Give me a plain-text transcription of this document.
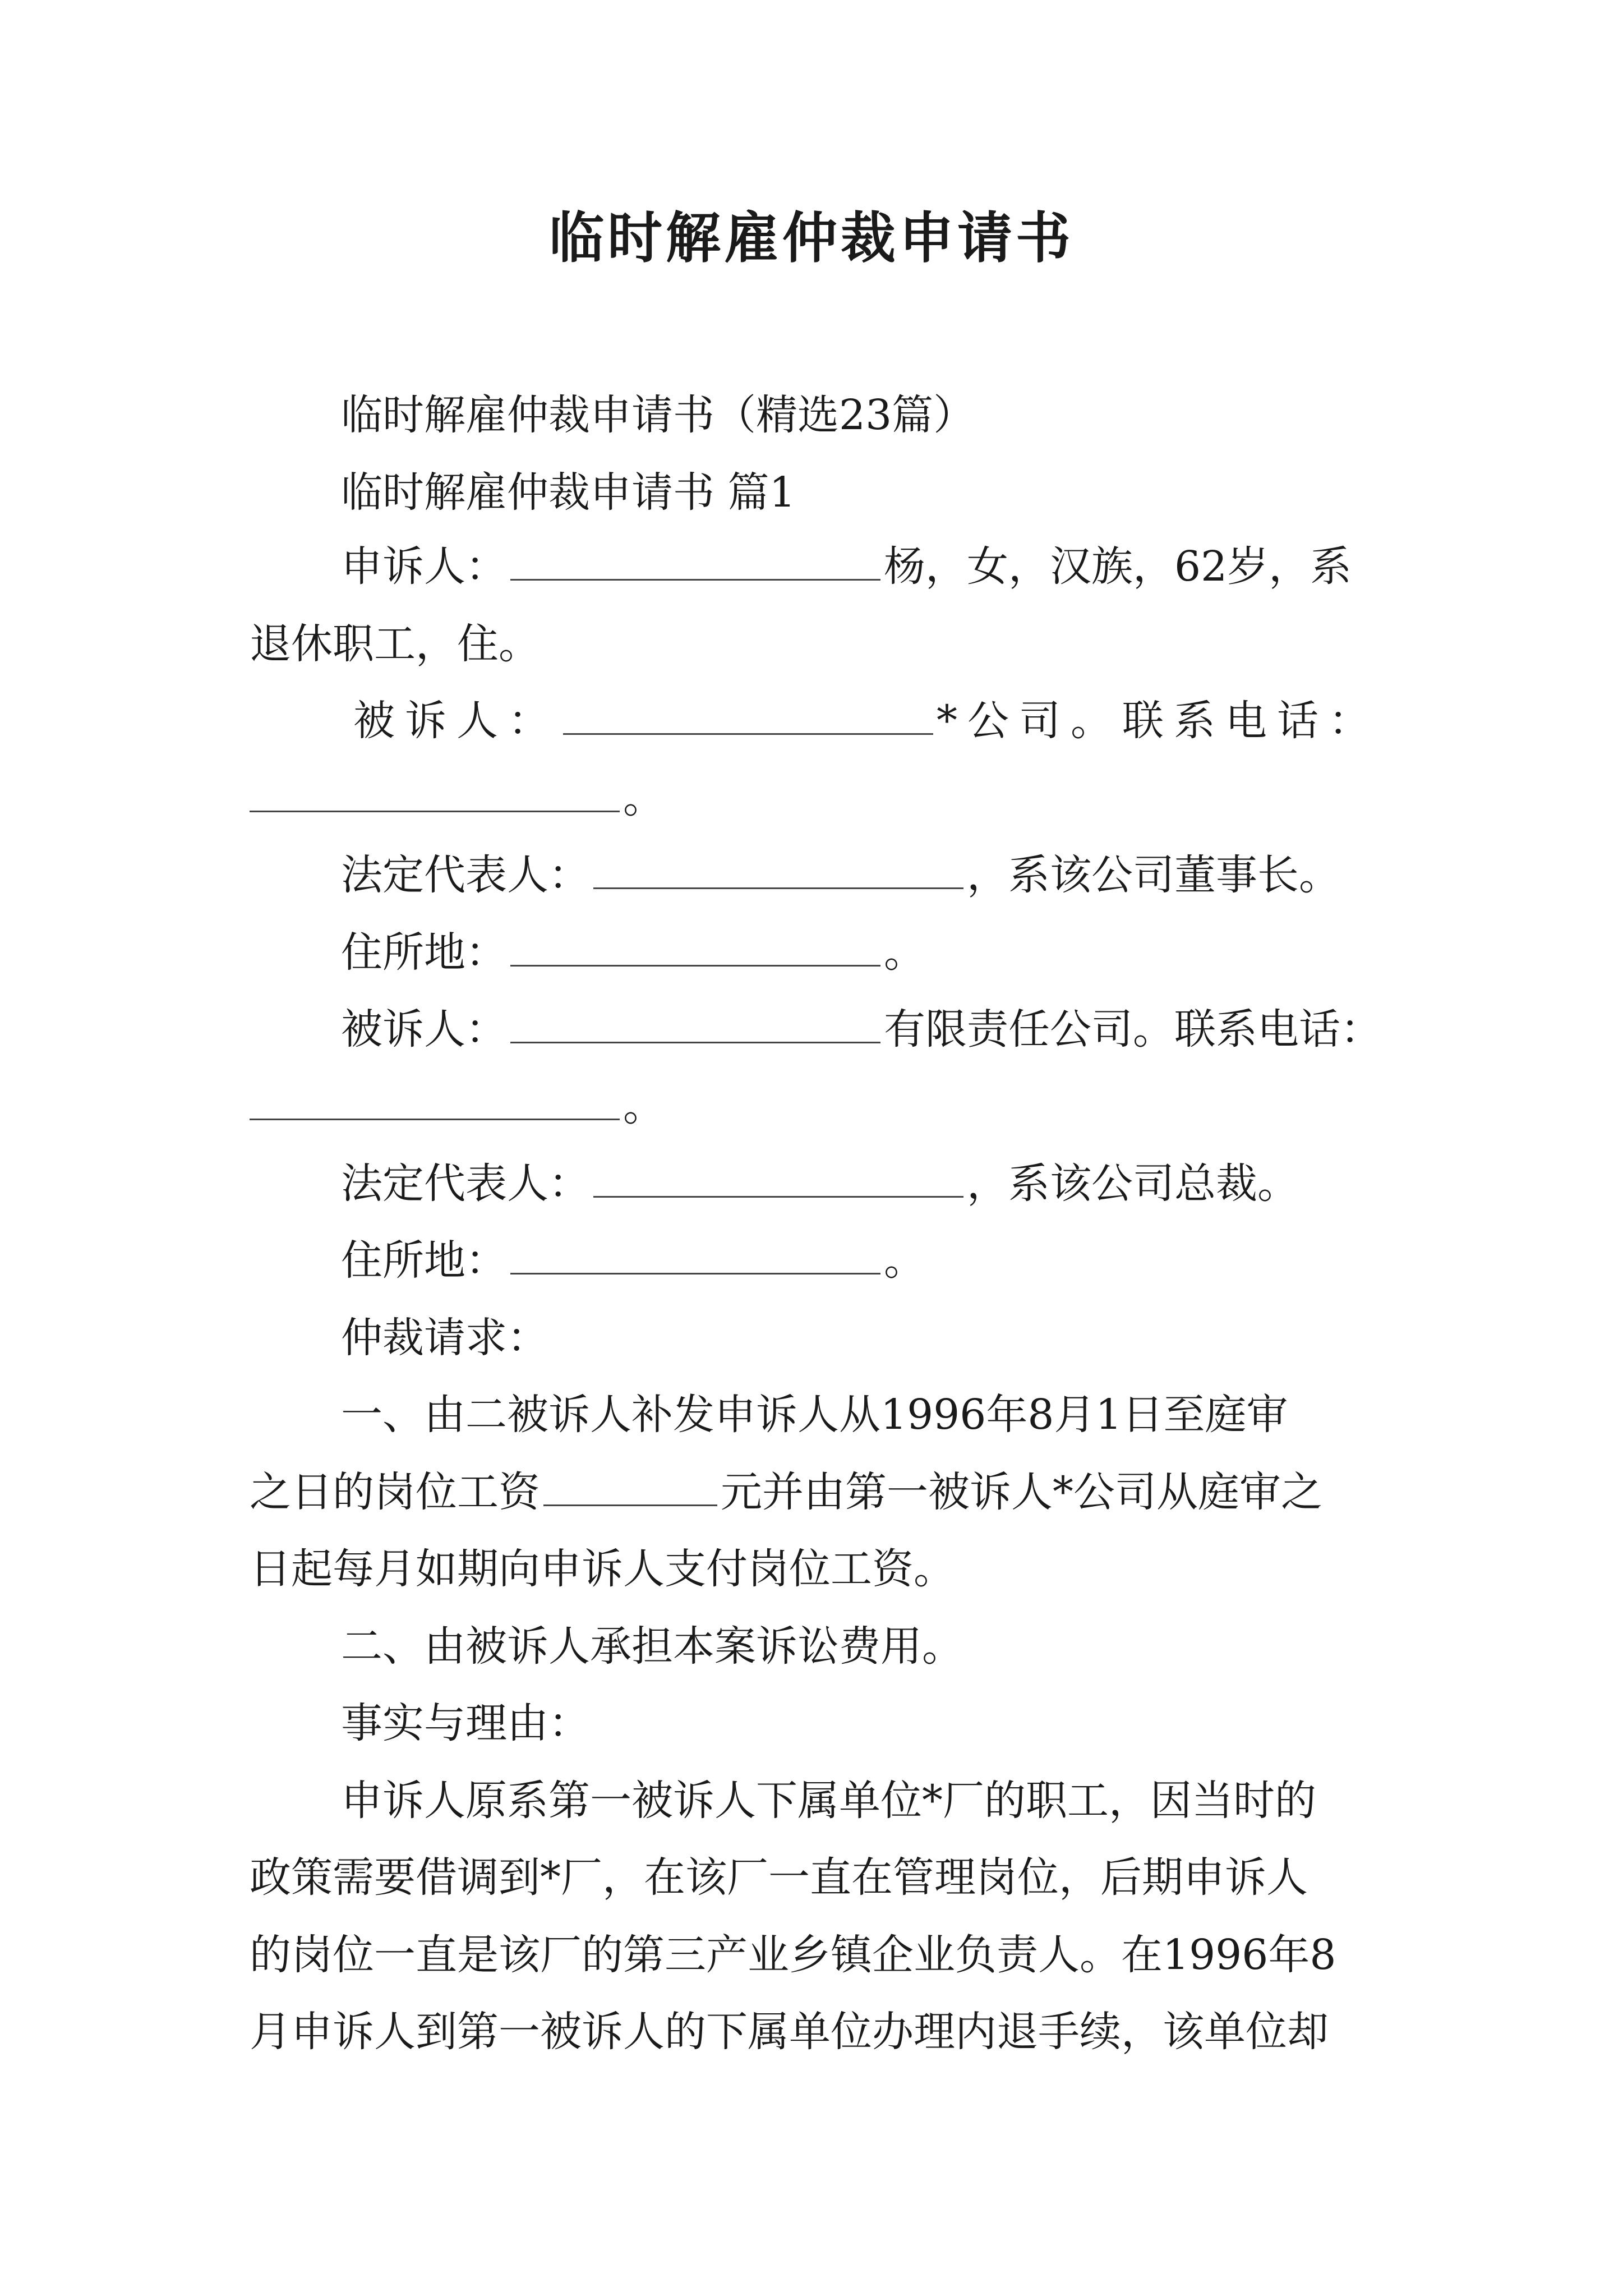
临时解雇仲裁申请书
临时解雇仲裁申请书（精选23篇）
临时解雇仲裁申请书 篇1
申诉人：	杨，女，汉族，62岁，系
退休职工，住。
被诉人：	*公司。联系电话：
。
法定代表人：	，系该公司董事长。
住所地：	。
被诉人：	有限责任公司。联系电话：
。
法定代表人：	，系该公司总裁。
住所地：	。
仲裁请求：
一、由二被诉人补发申诉人从1996年8月1日至庭审
之日的岗位工资	元并由第一被诉人*公司从庭审之
日起每月如期向申诉人支付岗位工资。
二、由被诉人承担本案诉讼费用。
事实与理由：
申诉人原系第一被诉人下属单位*厂的职工，因当时的
政策需要借调到*厂，在该厂一直在管理岗位，后期申诉人
的岗位一直是该厂的第三产业乡镇企业负责人。在1996年8
月申诉人到第一被诉人的下属单位办理内退手续，该单位却
